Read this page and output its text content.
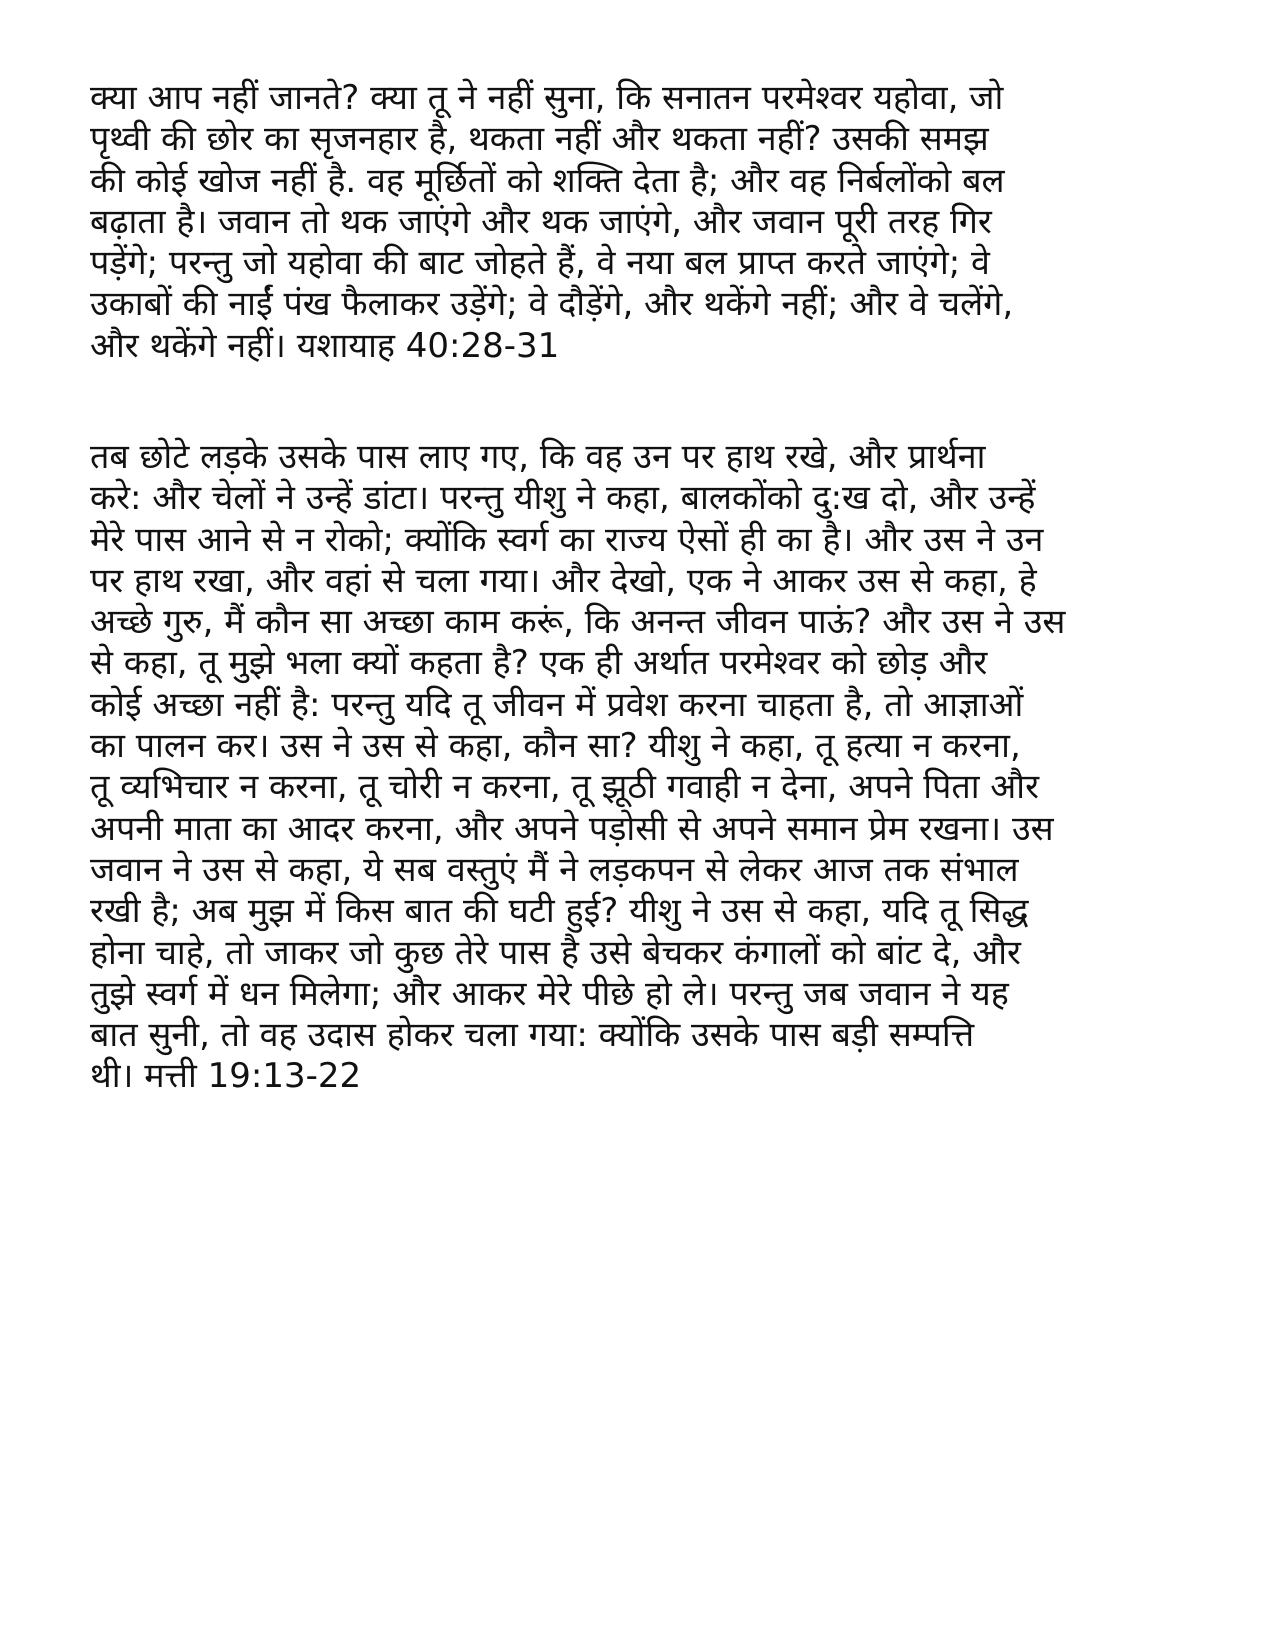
क्या आप नहीं जानते? क्या तू ने नहीं सुना, कि सनातन परमेश्वर यहोवा, जो
पृथ्वी की छोर का सृजनहार है, थकता नहीं और थकता नहीं? उसकी समझ
की कोई खोज नहीं है. वह मूर्छितों को शक्ति देता है; और वह निर्बलोंको बल
बढ़ाता है। जवान तो थक जाएंगे और थक जाएंगे, और जवान पूरी तरह गिर
पड़ेंगे; परन्तु जो यहोवा की बाट जोहते हैं, वे नया बल प्राप्त करते जाएंगे; वे
उकाबों की नाईं पंख फैलाकर उड़ेंगे; वे दौड़ेंगे, और थकेंगे नहीं; और वे चलेंगे,
और थकेंगे नहीं। यशायाह 40:28-31
तब छोटे लड़के उसके पास लाए गए, कि वह उन पर हाथ रखे, और प्रार्थना
करे: और चेलों ने उन्हें डांटा। परन्तु यीशु ने कहा, बालकोंको दु:ख दो, और उन्हें
मेरे पास आने से न रोको; क्योंकि स्वर्ग का राज्य ऐसों ही का है। और उस ने उन
पर हाथ रखा, और वहां से चला गया। और देखो, एक ने आकर उस से कहा, हे
अच्छे गुरु, मैं कौन सा अच्छा काम करूं, कि अनन्त जीवन पाऊं? और उस ने उस
से कहा, तू मुझे भला क्यों कहता है? एक ही अर्थात परमेश्वर को छोड़ और
कोई अच्छा नहीं है: परन्तु यदि तू जीवन में प्रवेश करना चाहता है, तो आज्ञाओं
का पालन कर। उस ने उस से कहा, कौन सा? यीशु ने कहा, तू हत्या न करना,
तू व्यभिचार न करना, तू चोरी न करना, तू झूठी गवाही न देना, अपने पिता और
अपनी माता का आदर करना, और अपने पड़ोसी से अपने समान प्रेम रखना। उस
जवान ने उस से कहा, ये सब वस्तुएं मैं ने लड़कपन से लेकर आज तक संभाल
रखी है; अब मुझ में किस बात की घटी हुई? यीशु ने उस से कहा, यदि तू सिद्ध
होना चाहे, तो जाकर जो कुछ तेरे पास है उसे बेचकर कंगालों को बांट दे, और
तुझे स्वर्ग में धन मिलेगा; और आकर मेरे पीछे हो ले। परन्तु जब जवान ने यह
बात सुनी, तो वह उदास होकर चला गया: क्योंकि उसके पास बड़ी सम्पत्ति
थी। मत्ती 19:13-22
